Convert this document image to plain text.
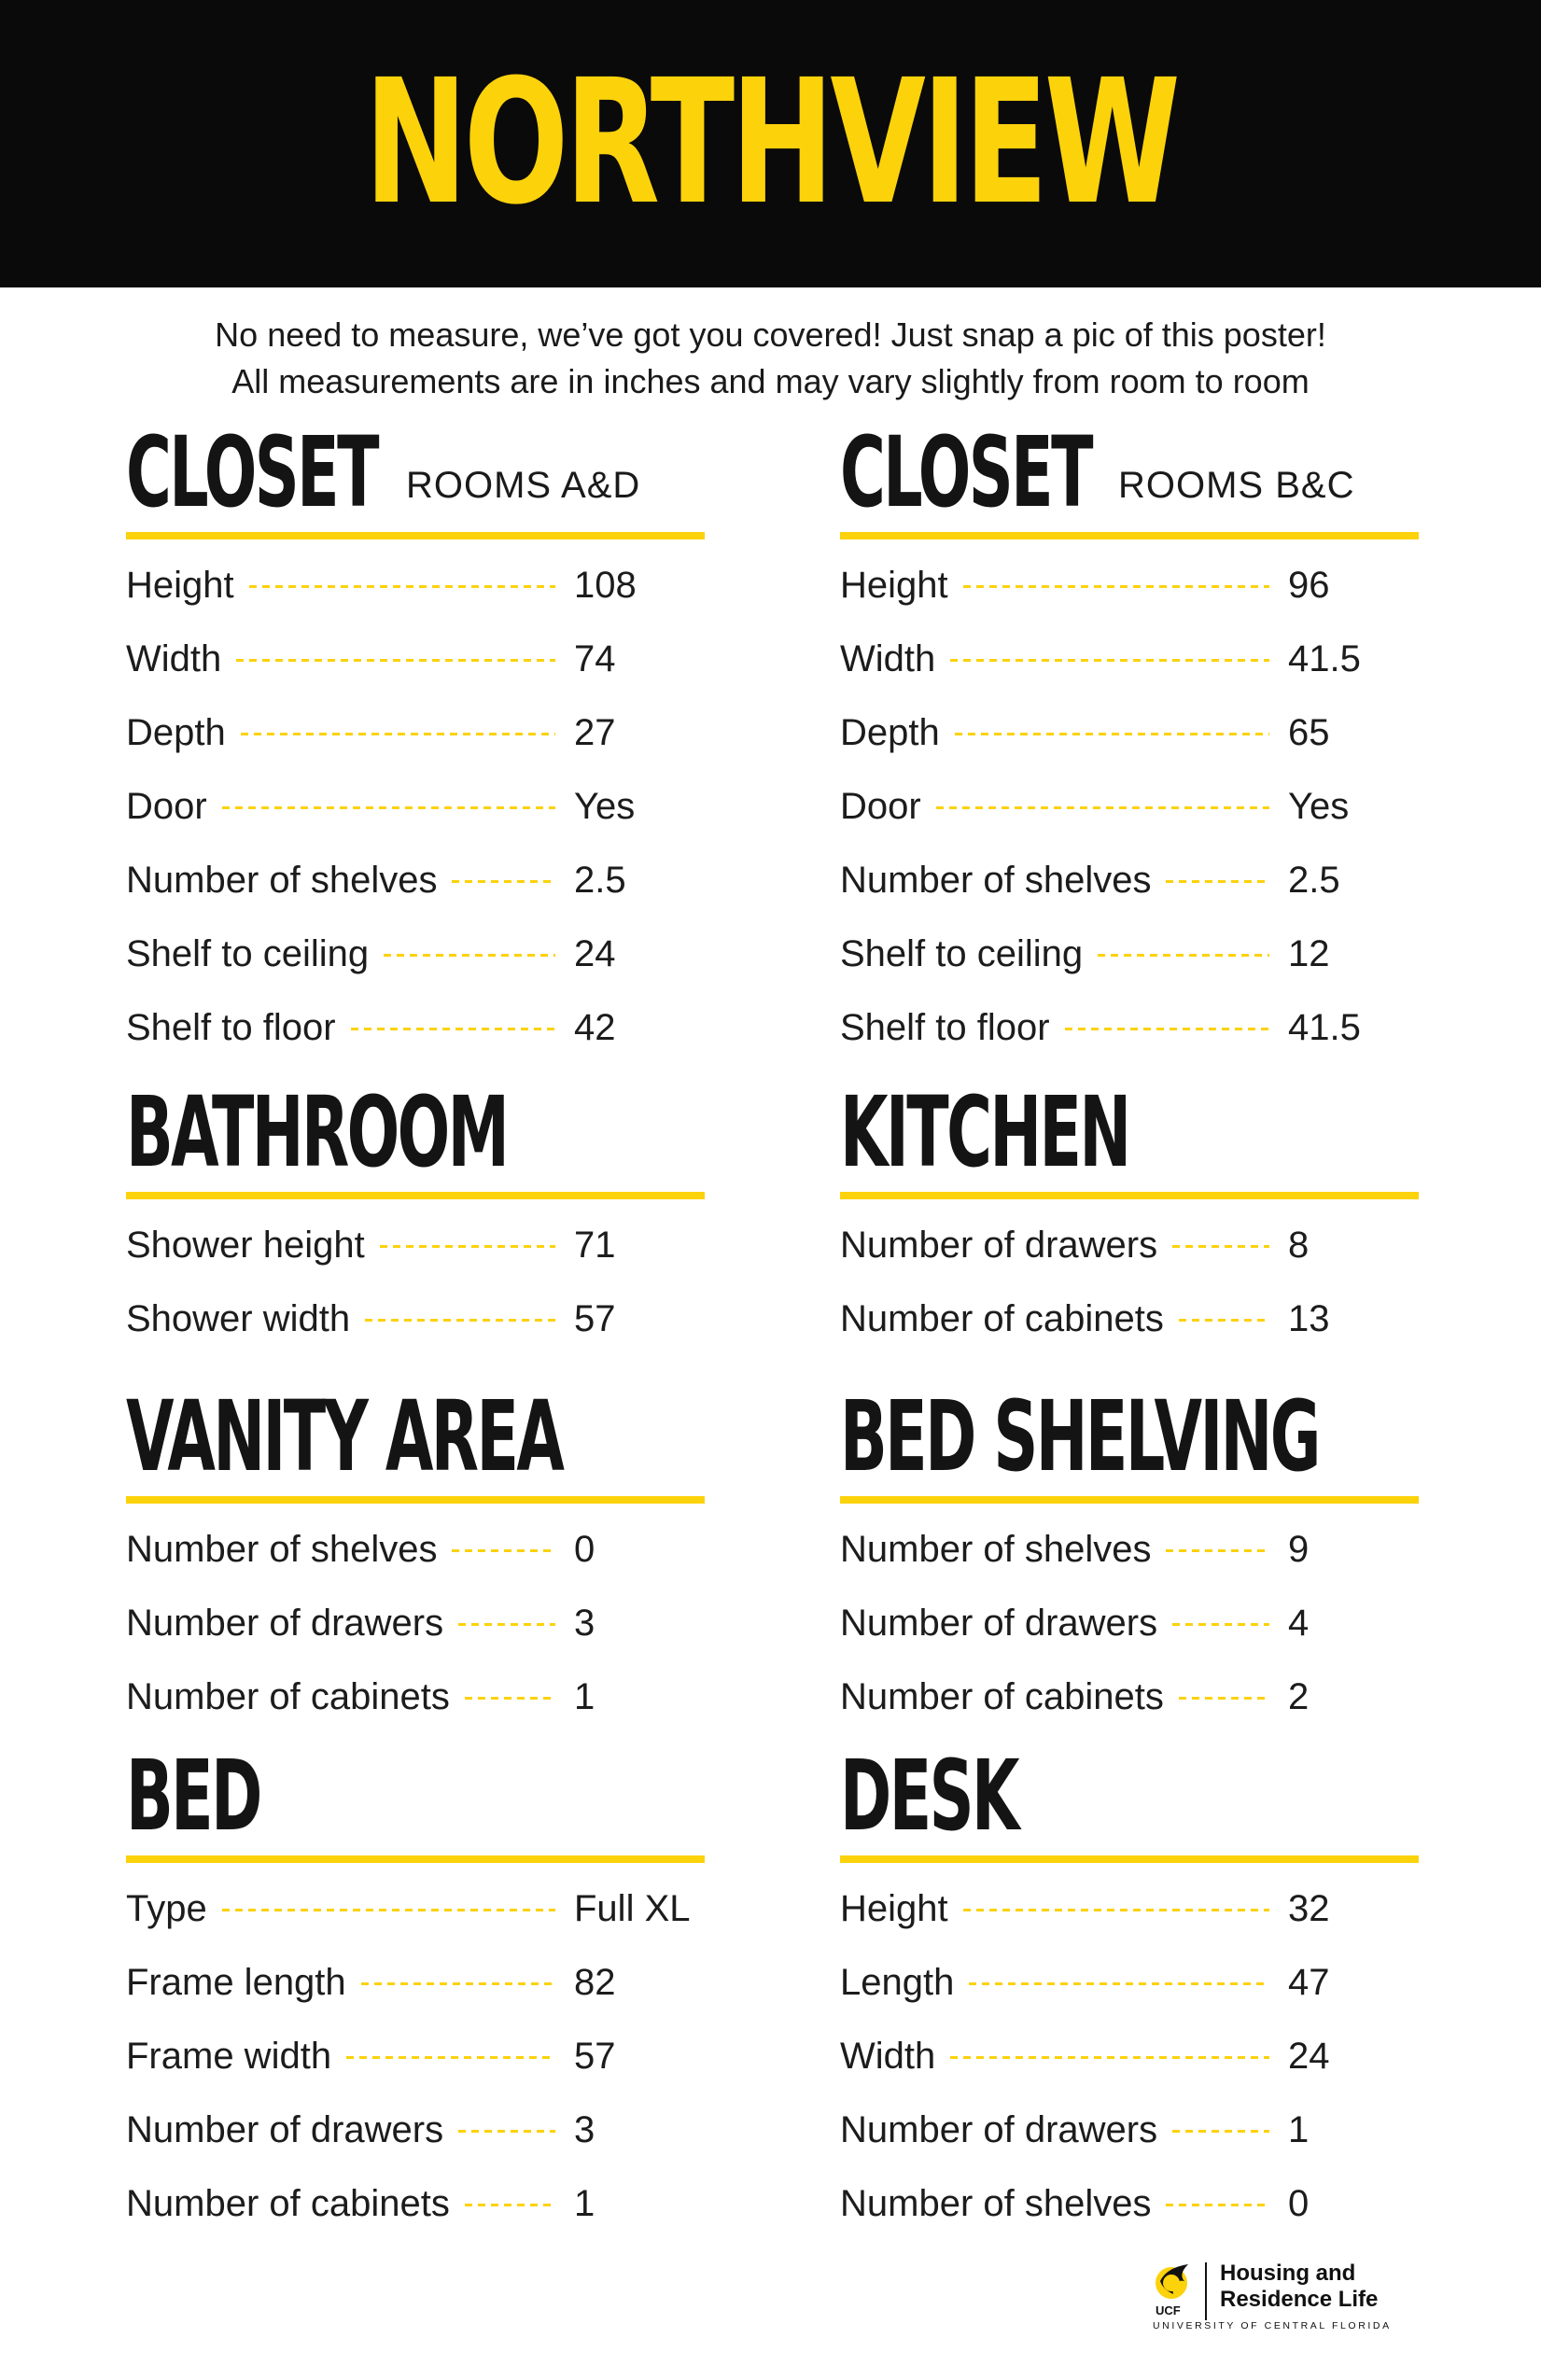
NORTHVIEW
No need to measure, we’ve got you covered! Just snap a pic of this poster!
All measurements are in inches and may vary slightly from room to room
CLOSET ROOMS A&D
Height	108
Width	74
Depth	27
Door	Yes
Number of shelves	2.5
Shelf to ceiling	24
Shelf to floor	42
CLOSET ROOMS B&C
Height	96
Width	41.5
Depth	65
Door	Yes
Number of shelves	2.5
Shelf to ceiling	12
Shelf to floor	41.5
BATHROOM
Shower height	71
Shower width	57
KITCHEN
Number of drawers	8
Number of cabinets	13
VANITY AREA
Number of shelves	0
Number of drawers	3
Number of cabinets	1
BED SHELVING
Number of shelves	9
Number of drawers	4
Number of cabinets	2
BED
Type	Full XL
Frame length	82
Frame width	57
Number of drawers	3
Number of cabinets	1
DESK
Height	32
Length	47
Width	24
Number of drawers	1
Number of shelves	0
UCF
Housing and
Residence Life
UNIVERSITY OF CENTRAL FLORIDA
